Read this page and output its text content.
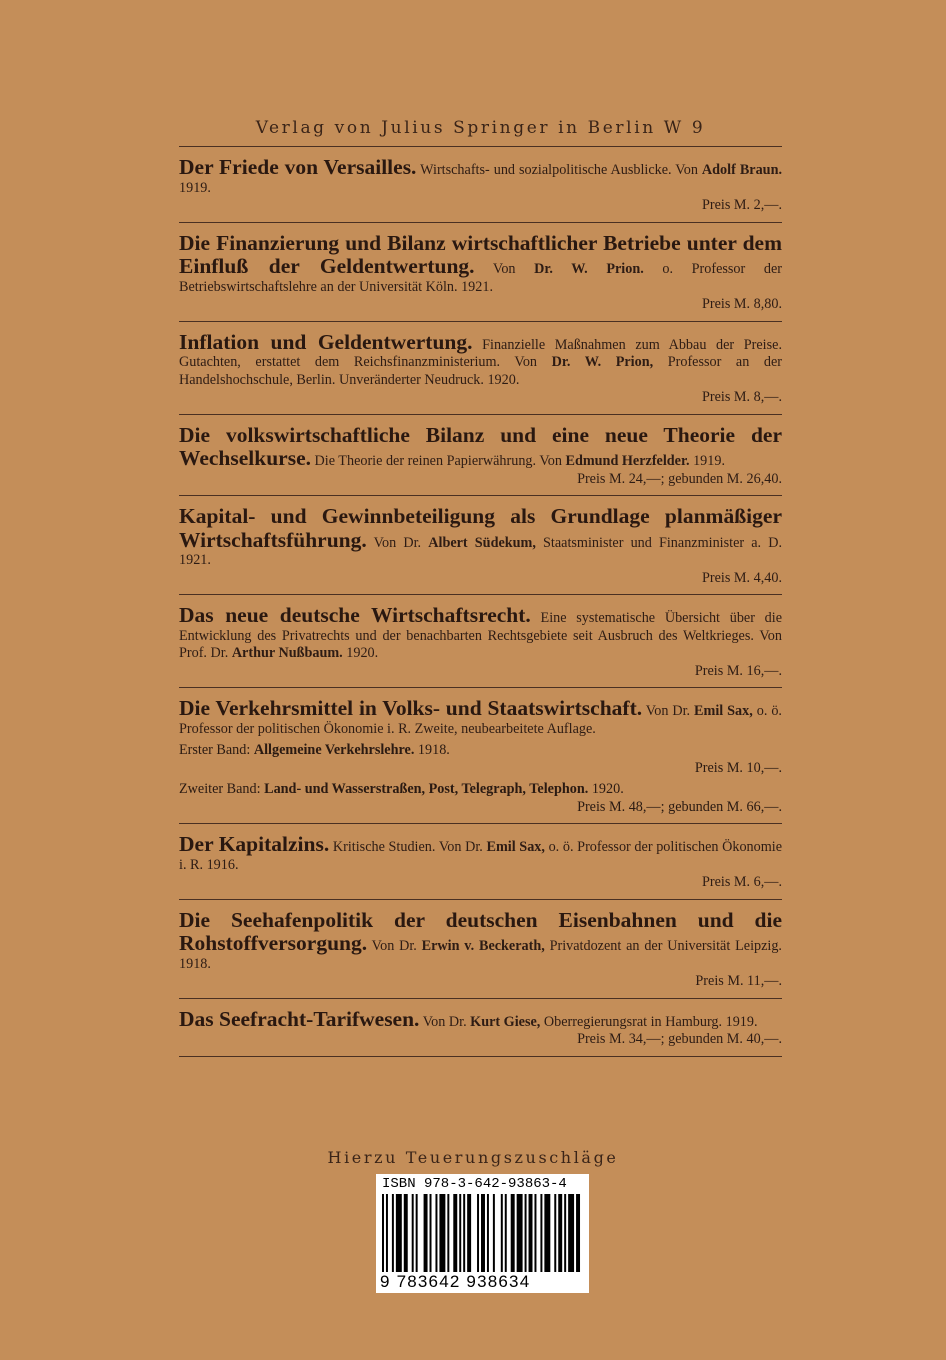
Verlag von Julius Springer in Berlin W 9
Der Friede von Versailles. Wirtschafts- und sozialpolitische Ausblicke. Von Adolf Braun. 1919.
Preis M. 2,—.
Die Finanzierung und Bilanz wirtschaftlicher Betriebe unter dem Einfluß der Geldentwertung. Von Dr. W. Prion. o. Professor der Betriebswirtschaftslehre an der Universität Köln. 1921.
Preis M. 8,80.
Inflation und Geldentwertung. Finanzielle Maßnahmen zum Abbau der Preise. Gutachten, erstattet dem Reichsfinanzministerium. Von Dr. W. Prion, Professor an der Handelshochschule, Berlin. Unveränderter Neudruck. 1920.
Preis M. 8,—.
Die volkswirtschaftliche Bilanz und eine neue Theorie der Wechselkurse. Die Theorie der reinen Papierwährung. Von Edmund Herzfelder. 1919.
Preis M. 24,—; gebunden M. 26,40.
Kapital- und Gewinnbeteiligung als Grundlage planmäßiger Wirtschaftsführung. Von Dr. Albert Südekum, Staatsminister und Finanzminister a. D. 1921.
Preis M. 4,40.
Das neue deutsche Wirtschaftsrecht. Eine systematische Übersicht über die Entwicklung des Privatrechts und der benachbarten Rechtsgebiete seit Ausbruch des Weltkrieges. Von Prof. Dr. Arthur Nußbaum. 1920.
Preis M. 16,—.
Die Verkehrsmittel in Volks- und Staatswirtschaft. Von Dr. Emil Sax, o. ö. Professor der politischen Ökonomie i. R. Zweite, neubearbeitete Auflage.
Erster Band: Allgemeine Verkehrslehre. 1918.
Preis M. 10,—.
Zweiter Band: Land- und Wasserstraßen, Post, Telegraph, Telephon. 1920.
Preis M. 48,—; gebunden M. 66,—.
Der Kapitalzins. Kritische Studien. Von Dr. Emil Sax, o. ö. Professor der politischen Ökonomie i. R. 1916.
Preis M. 6,—.
Die Seehafenpolitik der deutschen Eisenbahnen und die Rohstoffversorgung. Von Dr. Erwin v. Beckerath, Privatdozent an der Universität Leipzig. 1918.
Preis M. 11,—.
Das Seefracht-Tarifwesen. Von Dr. Kurt Giese, Oberregierungsrat in Hamburg. 1919.
Preis M. 34,—; gebunden M. 40,—.
Hierzu Teuerungszuschläge
ISBN 978-3-642-93863-4
9 783642 938634
